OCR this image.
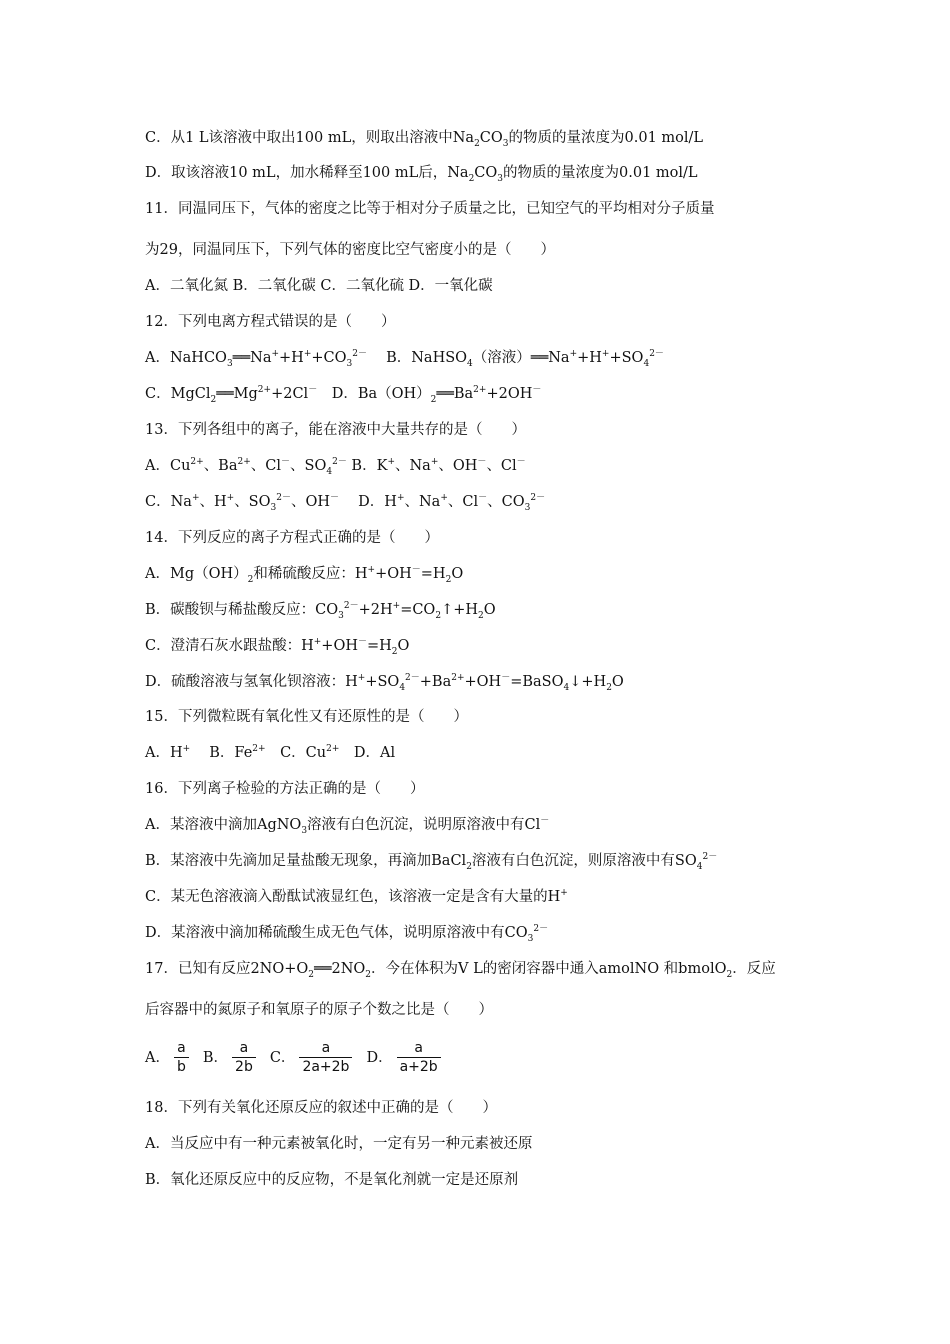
C．从1 L该溶液中取出100 mL，则取出溶液中$Na_2CO_3$的物质的量浓度为0.01 mol/L
D．取该溶液10 mL，加水稀释至100 mL后，$Na_2CO_3$的物质的量浓度为0.01 mol/L
11．同温同压下，气体的密度之比等于相对分子质量之比，已知空气的平均相对分子质量
为29，同温同压下，下列气体的密度比空气密度小的是（　　）
A．二氧化氮 B．二氧化碳 C．二氧化硫 D．一氧化碳
12．下列电离方程式错误的是（　　）
A．$NaHCO_3══Na^++H^++CO_3^{2-}$　 B．NaHSO$_4$（溶液）$══Na^++H^++SO_4^{2-}$
C．$MgCl_2══Mg^{2+}+2Cl^-$　D．$Ba(OH)_2══Ba^{2+}+2OH^-$
13．下列各组中的离子，能在溶液中大量共存的是（　　）
A．$Cu^{2+}$、$Ba^{2+}$、Cl－、$SO_4^{2-}$ B．K+、Na+、OH－、Cl－
C．Na+、H+、$SO_3^{2-}$、OH－　 D．H+、Na+、Cl－、$CO_3^{2-}$
14．下列反应的离子方程式正确的是（　　）
A．$Mg(OH)_2$和稀硫酸反应：$H^++OH^-=H_2O$
B．碳酸钡与稀盐酸反应：$CO_3^{2-}+2H^+=CO_2↑+H_2O$
C．澄清石灰水跟盐酸：$H^++OH^-=H_2O$
D．硫酸溶液与氢氧化钡溶液：$H^++SO_4^{2-}+Ba^{2+}+OH^-=BaSO_4↓+H_2O$
15．下列微粒既有氧化性又有还原性的是（　　）
A．H+　 B．$Fe^{2+}$　C．$Cu^{2+}$　D．Al
16．下列离子检验的方法正确的是（　　）
A．某溶液中滴加AgNO$_3$溶液有白色沉淀，说明原溶液中有Cl－
B．某溶液中先滴加足量盐酸无现象，再滴加BaCl$_2$溶液有白色沉淀，则原溶液中有$SO_4^{2-}$
C．某无色溶液滴入酚酞试液显红色，该溶液一定是含有大量的H+
D．某溶液中滴加稀硫酸生成无色气体，说明原溶液中有$CO_3^{2-}$
17．已知有反应$2NO+O_2══2NO_2$．今在体积为V L的密闭容器中通入amolNO 和bmolO$_2$．反应
后容器中的氮原子和氧原子的原子个数之比是（　　）
18．下列有关氧化还原反应的叙述中正确的是（　　）
A．当反应中有一种元素被氧化时，一定有另一种元素被还原
B．氧化还原反应中的反应物，不是氧化剂就一定是还原剂
A． $\frac{a}{b}$ B． $\frac{a}{2b}$ C． $\frac{a}{2a+2b}$ D． $\frac{a}{a+2b}$
